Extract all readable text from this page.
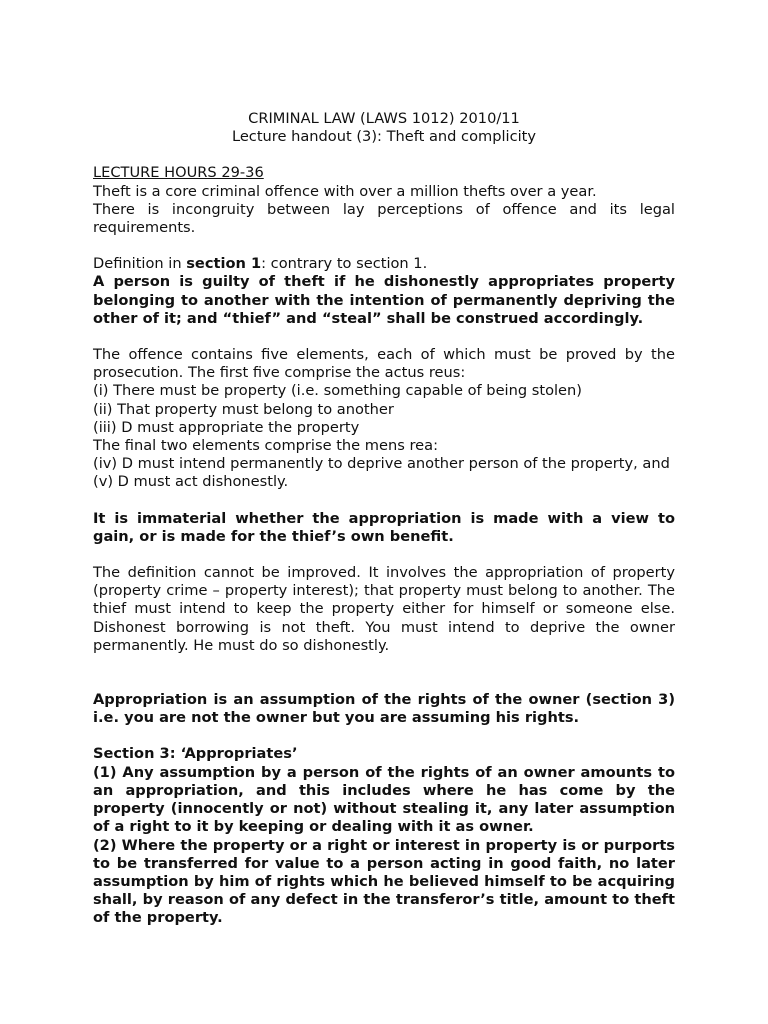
CRIMINAL LAW (LAWS 1012) 2010/11

Lecture handout (3): Theft and complicity

LECTURE HOURS 29-36

Theft is a core criminal offence with over a million thefts over a year.

There is incongruity between lay perceptions of offence and its legal requirements.

Definition in section 1: contrary to section 1.

A person is guilty of theft if he dishonestly appropriates property belonging to another with the intention of permanently depriving the other of it; and “thief” and “steal” shall be construed accordingly.

The offence contains five elements, each of which must be proved by the prosecution. The first five comprise the actus reus:

(i) There must be property (i.e. something capable of being stolen)

(ii) That property must belong to another

(iii) D must appropriate the property

The final two elements comprise the mens rea:

(iv) D must intend permanently to deprive another person of the property, and

(v) D must act dishonestly.

It is immaterial whether the appropriation is made with a view to gain, or is made for the thief’s own benefit.

The definition cannot be improved. It involves the appropriation of property (property crime – property interest); that property must belong to another. The thief must intend to keep the property either for himself or someone else. Dishonest borrowing is not theft. You must intend to deprive the owner permanently. He must do so dishonestly.

Appropriation is an assumption of the rights of the owner (section 3) i.e. you are not the owner but you are assuming his rights.

Section 3: ‘Appropriates’

(1) Any assumption by a person of the rights of an owner amounts to an appropriation, and this includes where he has come by the property (innocently or not) without stealing it, any later assumption of a right to it by keeping or dealing with it as owner.

(2) Where the property or a right or interest in property is or purports to be transferred for value to a person acting in good faith, no later assumption by him of rights which he believed himself to be acquiring shall, by reason of any defect in the transferor’s title, amount to theft of the property.
